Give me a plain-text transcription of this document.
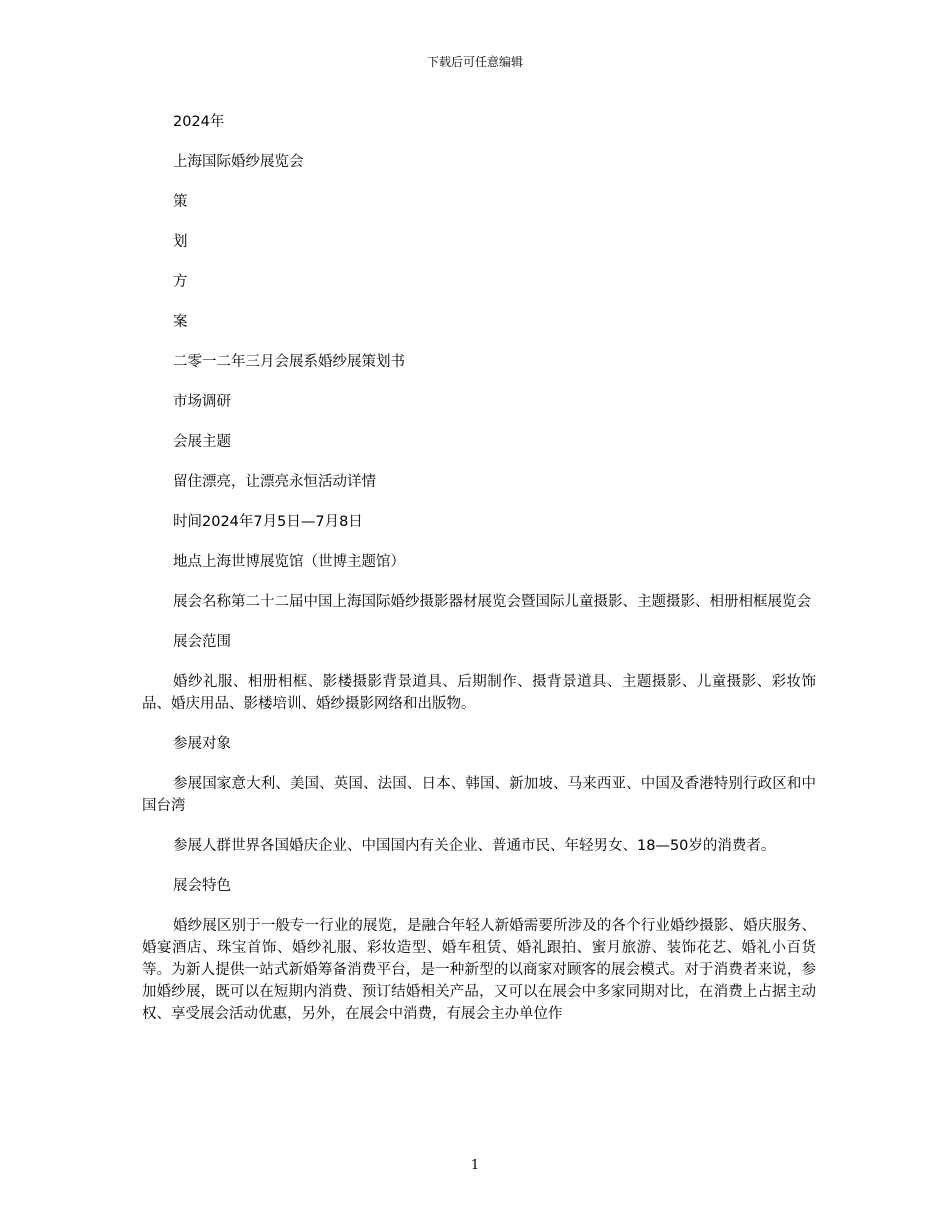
下载后可任意编辑
2024年
上海国际婚纱展览会
策
划
方
案
二零一二年三月会展系婚纱展策划书
市场调研
会展主题
留住漂亮，让漂亮永恒活动详情
时间2024年7月5日—7月8日
地点上海世博展览馆（世博主题馆）
展会名称第二十二届中国上海国际婚纱摄影器材展览会暨国际儿童摄影、主题摄影、相册相框展览会
展会范围
婚纱礼服、相册相框、影楼摄影背景道具、后期制作、摄背景道具、主题摄影、儿童摄影、彩妆饰品、婚庆用品、影楼培训、婚纱摄影网络和出版物。
参展对象
参展国家意大利、美国、英国、法国、日本、韩国、新加坡、马来西亚、中国及香港特别行政区和中国台湾
参展人群世界各国婚庆企业、中国国内有关企业、普通市民、年轻男女、18—50岁的消费者。
展会特色
婚纱展区别于一般专一行业的展览，是融合年轻人新婚需要所涉及的各个行业婚纱摄影、婚庆服务、婚宴酒店、珠宝首饰、婚纱礼服、彩妆造型、婚车租赁、婚礼跟拍、蜜月旅游、装饰花艺、婚礼小百货等。为新人提供一站式新婚筹备消费平台，是一种新型的以商家对顾客的展会模式。对于消费者来说，参加婚纱展，既可以在短期内消费、预订结婚相关产品，又可以在展会中多家同期对比，在消费上占据主动权、享受展会活动优惠，另外，在展会中消费，有展会主办单位作
1
